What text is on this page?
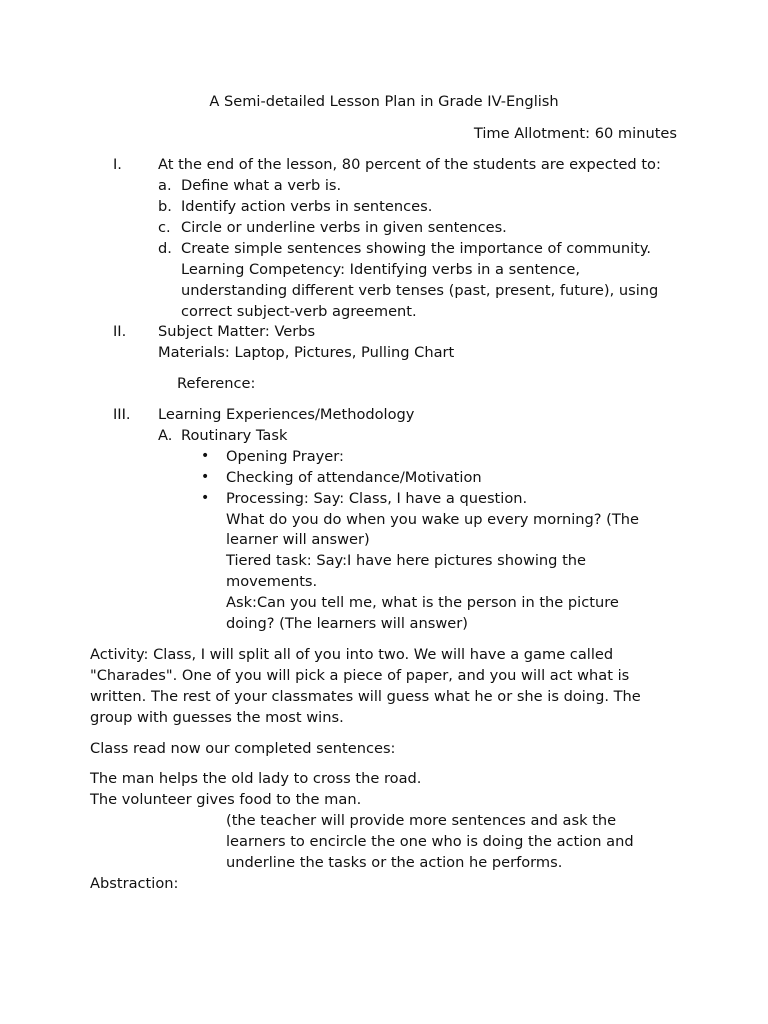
A Semi-detailed Lesson Plan in Grade IV-English
Time Allotment: 60 minutes
I. At the end of the lesson, 80 percent of the students are expected to:
a. Define what a verb is.
b. Identify action verbs in sentences.
c. Circle or underline verbs in given sentences.
d. Create simple sentences showing the importance of community.
Learning Competency: Identifying verbs in a sentence,
understanding different verb tenses (past, present, future), using
correct subject-verb agreement.
II. Subject Matter: Verbs
Materials: Laptop, Pictures, Pulling Chart
Reference:
III. Learning Experiences/Methodology
A. Routinary Task
• Opening Prayer:
• Checking of attendance/Motivation
• Processing: Say: Class, I have a question.
What do you do when you wake up every morning? (The
learner will answer)
Tiered task: Say:I have here pictures showing the
movements.
Ask:Can you tell me, what is the person in the picture
doing? (The learners will answer)
Activity: Class, I will split all of you into two. We will have a game called
"Charades". One of you will pick a piece of paper, and you will act what is
written. The rest of your classmates will guess what he or she is doing. The
group with guesses the most wins.
Class read now our completed sentences:
The man helps the old lady to cross the road.
The volunteer gives food to the man.
(the teacher will provide more sentences and ask the
learners to encircle the one who is doing the action and
underline the tasks or the action he performs.
Abstraction:
